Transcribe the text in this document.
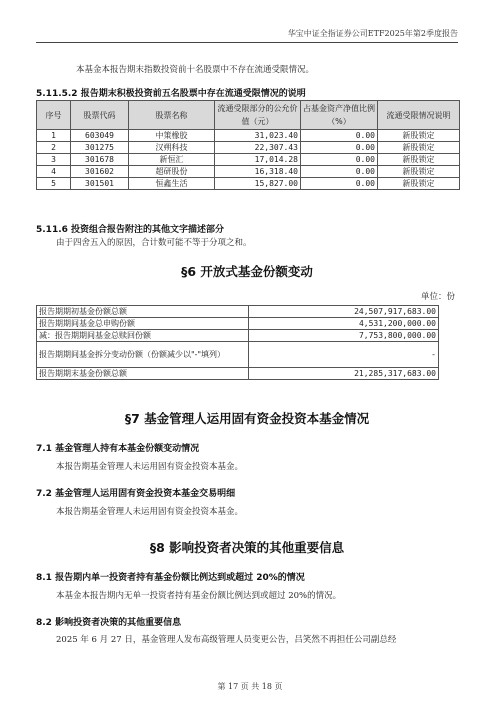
华宝中证全指证券公司ETF2025年第2季度报告
本基金本报告期末指数投资前十名股票中不存在流通受限情况。
5.11.5.2 报告期末积极投资前五名股票中存在流通受限情况的说明
序号	股票代码	股票名称	流通受限部分的公允价值（元）	占基金资产净值比例（%）	流通受限情况说明
1	603049	中策橡胶	31,023.40	0.00	新股锁定
2	301275	汉朔科技	22,307.43	0.00	新股锁定
3	301678	新恒汇	17,014.28	0.00	新股锁定
4	301602	超研股份	16,318.40	0.00	新股锁定
5	301501	恒鑫生活	15,827.00	0.00	新股锁定
5.11.6 投资组合报告附注的其他文字描述部分
由于四舍五入的原因，合计数可能不等于分项之和。
§6 开放式基金份额变动
单位：份
报告期期初基金份额总额	24,507,917,683.00
报告期期间基金总申购份额	4,531,200,000.00
减：报告期期间基金总赎回份额	7,753,800,000.00
报告期期间基金拆分变动份额（份额减少以"-"填列）	-
报告期期末基金份额总额	21,285,317,683.00
§7 基金管理人运用固有资金投资本基金情况
7.1 基金管理人持有本基金份额变动情况
本报告期基金管理人未运用固有资金投资本基金。
7.2 基金管理人运用固有资金投资本基金交易明细
本报告期基金管理人未运用固有资金投资本基金。
§8 影响投资者决策的其他重要信息
8.1 报告期内单一投资者持有基金份额比例达到或超过 20%的情况
本基金本报告期内无单一投资者持有基金份额比例达到或超过 20%的情况。
8.2 影响投资者决策的其他重要信息
2025 年 6 月 27 日，基金管理人发布高级管理人员变更公告，吕笑然不再担任公司副总经
第 17 页 共 18 页
